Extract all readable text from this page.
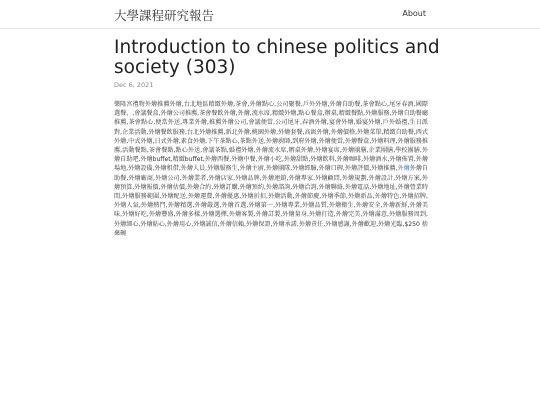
大學課程研究報告	About
Introduction to chinese politics and society (303)
Dec 6, 2021
樂隆宮禮物外燴推薦外燴,台北地區精緻外燴,茶會,外燴點心,公司聚餐,戶外外燴,外燴自助餐,茶會點心,尾牙春酒,國際選餐、,會議餐盒,外燴公司推薦,茶會餐飲外燴,外燴,流水席,精緻外燴,點心餐盒,辦桌,精緻餐點,外燴服務,外燴自助餐廳推薦,茶會點心,便當外送,專業外燴,推薦外燴公司,會議便當,公司尾牙,春酒外燴,宴會外燴,婚宴外燴,戶外婚禮,生日派對,企業活動,外燴餐飲服務,台北外燴推薦,新北外燴,桃園外燴,外燴套餐,高級外燴,外燴價格,外燴菜單,精緻自助餐,西式外燴,中式外燴,日式外燴,素食外燴,下午茶點心,茶點外送,外燴廚師,到府外燴,外燴便當,外燴餐盒,外燴料理,外燴服務推薦,活動餐點,茶會餐點,點心外送,會議茶點,婚禮外燴,外燴流水席,辦桌外燴,外燴宴席,外燴團膳,企業團膳,學校團膳,外燴自助吧,外燴buffet,精緻buffet,外燴西餐,外燴中餐,外燴小吃,外燴甜點,外燴飲料,外燴咖啡,外燴酒水,外燴佈置,外燴場地,外燴設備,外燴租借,外燴人員,外燴服務生,外燴主廚,外燴團隊,外燴經驗,外燴口碑,外燴評價,外燴推薦,外燴外燴自助餐,外燴廠商,外燴公司,外燴業者,外燴店家,外燴品牌,外燴連鎖,外燴專家,外燴顧問,外燴規劃,外燴設計,外燴方案,外燴預算,外燴報價,外燴估價,外燴合約,外燴訂購,外燴預約,外燴諮詢,外燴洽詢,外燴聯絡,外燴電話,外燴地址,外燴營業時間,外燴服務範圍,外燴配送,外燴運費,外燴優惠,外燴折扣,外燴活動,外燴節慶,外燴季節,外燴新品,外燴特色,外燴招牌,外燴人氣,外燴熱門,外燴精選,外燴嚴選,外燴首選,外燴第一,外燴專業,外燴品質,外燴衛生,外燴安全,外燴新鮮,外燴美味,外燴好吃,外燴豐盛,外燴多樣,外燴選擇,外燴客製,外燴訂製,外燴量身,外燴打造,外燴完美,外燴滿意,外燴服務周到,外燴細心,外燴貼心,外燴用心,外燴誠信,外燴信賴,外燴保證,外燴承諾,外燴責任,外燴感謝,外燴歡迎,外燴光臨,$250 捨棄碗
